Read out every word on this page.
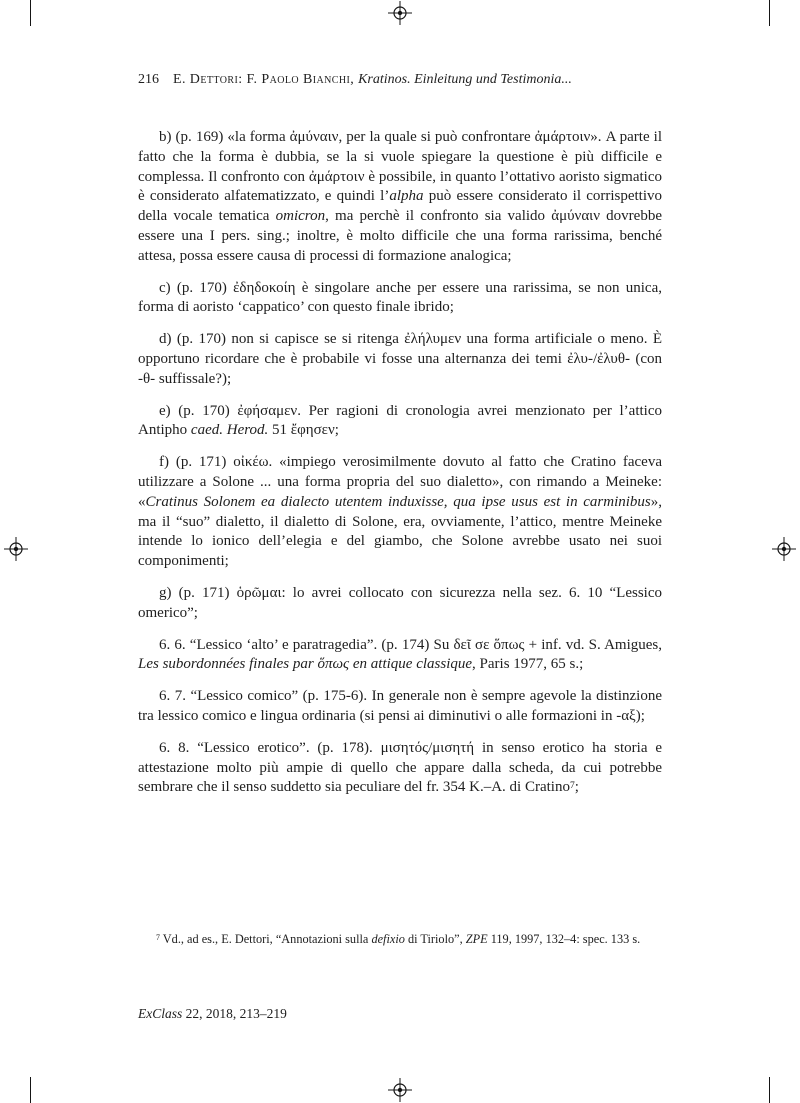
216 E. Dettori: F. Paolo Bianchi, Kratinos. Einleitung und Testimonia...

b) (p. 169) «la forma ἀμύναιν, per la quale si può confrontare ἀμάρτοιν». A parte il fatto che la forma è dubbia, se la si vuole spiegare la questione è più difficile e complessa. Il confronto con ἀμάρτοιν è possibile, in quanto l’ottativo aoristo sigmatico è considerato alfatematizzato, e quindi l’alpha può essere considerato il corrispettivo della vocale tematica omicron, ma perchè il confronto sia valido ἀμύναιν dovrebbe essere una I pers. sing.; inoltre, è molto difficile che una forma rarissima, benché attesa, possa essere causa di processi di formazione analogica;

c) (p. 170) ἐδηδοκοίη è singolare anche per essere una rarissima, se non unica, forma di aoristo ‘cappatico’ con questo finale ibrido;

d) (p. 170) non si capisce se si ritenga ἐλήλυμεν una forma artificiale o meno. È opportuno ricordare che è probabile vi fosse una alternanza dei temi ἐλυ-/ἐλυθ- (con -θ- suffissale?);

e) (p. 170) ἐφήσαμεν. Per ragioni di cronologia avrei menzionato per l’attico Antipho caed. Herod. 51 ἔφησεν;

f) (p. 171) οἰκέω. «impiego verosimilmente dovuto al fatto che Cratino faceva utilizzare a Solone ... una forma propria del suo dialetto», con rimando a Meineke: «Cratinus Solonem ea dialecto utentem induxisse, qua ipse usus est in carminibus», ma il “suo” dialetto, il dialetto di Solone, era, ovviamente, l’attico, mentre Meineke intende lo ionico dell’elegia e del giambo, che Solone avrebbe usato nei suoi componimenti;

g) (p. 171) ὁρῶμαι: lo avrei collocato con sicurezza nella sez. 6. 10 “Lessico omerico”;

6. 6. “Lessico ‘alto’ e paratragedia”. (p. 174) Su δεῖ σε ὅπως + inf. vd. S. Amigues, Les subordonnées finales par ὅπως en attique classique, Paris 1977, 65 s.;

6. 7. “Lessico comico” (p. 175-6). In generale non è sempre agevole la distinzione tra lessico comico e lingua ordinaria (si pensi ai diminutivi o alle formazioni in -αξ);

6. 8. “Lessico erotico”. (p. 178). μισητός/μισητή in senso erotico ha storia e attestazione molto più ampie di quello che appare dalla scheda, da cui potrebbe sembrare che il senso suddetto sia peculiare del fr. 354 K.–A. di Cratino$^7$;

$^7$ Vd., ad es., E. Dettori, “Annotazioni sulla defixio di Tiriolo”, ZPE 119, 1997, 132–4: spec. 133 s.

ExClass 22, 2018, 213–219
